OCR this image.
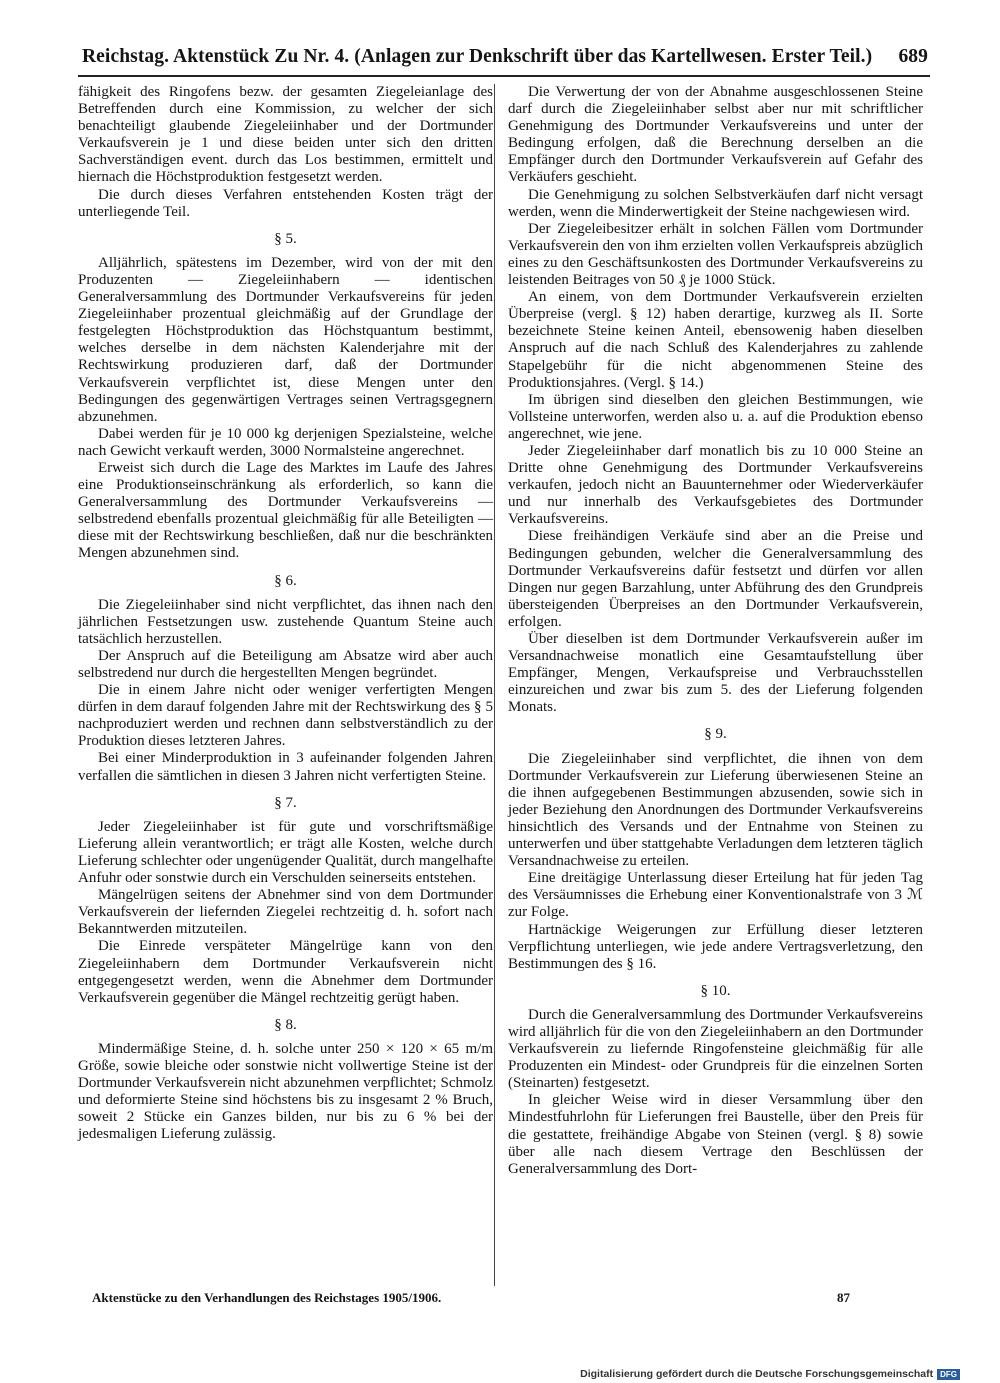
Reichstag. Aktenstück Zu Nr. 4. (Anlagen zur Denkschrift über das Kartellwesen. Erster Teil.) 689

fähigkeit des Ringofens bezw. der gesamten Ziegeleianlage des Betreffenden durch eine Kommission, zu welcher der sich benachteiligt glaubende Ziegeleiinhaber und der Dortmunder Verkaufsverein je 1 und diese beiden unter sich den dritten Sachverständigen event. durch das Los bestimmen, ermittelt und hiernach die Höchstproduktion festgesetzt werden.

Die durch dieses Verfahren entstehenden Kosten trägt der unterliegende Teil.

§ 5.

Alljährlich, spätestens im Dezember, wird von der mit den Produzenten — Ziegeleiinhabern — identischen Generalversammlung des Dortmunder Verkaufsvereins für jeden Ziegeleiinhaber prozentual gleichmäßig auf der Grundlage der festgelegten Höchstproduktion das Höchstquantum bestimmt, welches derselbe in dem nächsten Kalenderjahre mit der Rechtswirkung produzieren darf, daß der Dortmunder Verkaufsverein verpflichtet ist, diese Mengen unter den Bedingungen des gegenwärtigen Vertrages seinen Vertragsgegnern abzunehmen.

Dabei werden für je 10 000 kg derjenigen Spezialsteine, welche nach Gewicht verkauft werden, 3000 Normalsteine angerechnet.

Erweist sich durch die Lage des Marktes im Laufe des Jahres eine Produktionseinschränkung als erforderlich, so kann die Generalversammlung des Dortmunder Verkaufsvereins — selbstredend ebenfalls prozentual gleichmäßig für alle Beteiligten — diese mit der Rechtswirkung beschließen, daß nur die beschränkten Mengen abzunehmen sind.

§ 6.

Die Ziegeleiinhaber sind nicht verpflichtet, das ihnen nach den jährlichen Festsetzungen usw. zustehende Quantum Steine auch tatsächlich herzustellen.

Der Anspruch auf die Beteiligung am Absatze wird aber auch selbstredend nur durch die hergestellten Mengen begründet.

Die in einem Jahre nicht oder weniger verfertigten Mengen dürfen in dem darauf folgenden Jahre mit der Rechtswirkung des § 5 nachproduziert werden und rechnen dann selbstverständlich zu der Produktion dieses letzteren Jahres.

Bei einer Minderproduktion in 3 aufeinander folgenden Jahren verfallen die sämtlichen in diesen 3 Jahren nicht verfertigten Steine.

§ 7.

Jeder Ziegeleiinhaber ist für gute und vorschriftsmäßige Lieferung allein verantwortlich; er trägt alle Kosten, welche durch Lieferung schlechter oder ungenügender Qualität, durch mangelhafte Anfuhr oder sonstwie durch ein Verschulden seinerseits entstehen.

Mängelrügen seitens der Abnehmer sind von dem Dortmunder Verkaufsverein der liefernden Ziegelei rechtzeitig d. h. sofort nach Bekanntwerden mitzuteilen.

Die Einrede verspäteter Mängelrüge kann von den Ziegeleiinhabern dem Dortmunder Verkaufsverein nicht entgegengesetzt werden, wenn die Abnehmer dem Dortmunder Verkaufsverein gegenüber die Mängel rechtzeitig gerügt haben.

§ 8.

Mindermäßige Steine, d. h. solche unter 250 × 120 × 65 m/m Größe, sowie bleiche oder sonstwie nicht vollwertige Steine ist der Dortmunder Verkaufsverein nicht abzunehmen verpflichtet; Schmolz und deformierte Steine sind höchstens bis zu insgesamt 2 % Bruch, soweit 2 Stücke ein Ganzes bilden, nur bis zu 6 % bei der jedesmaligen Lieferung zulässig.

Die Verwertung der von der Abnahme ausgeschlossenen Steine darf durch die Ziegeleiinhaber selbst aber nur mit schriftlicher Genehmigung des Dortmunder Verkaufsvereins und unter der Bedingung erfolgen, daß die Berechnung derselben an die Empfänger durch den Dortmunder Verkaufsverein auf Gefahr des Verkäufers geschieht.

Die Genehmigung zu solchen Selbstverkäufen darf nicht versagt werden, wenn die Minderwertigkeit der Steine nachgewiesen wird.

Der Ziegeleibesitzer erhält in solchen Fällen vom Dortmunder Verkaufsverein den von ihm erzielten vollen Verkaufspreis abzüglich eines zu den Geschäftsunkosten des Dortmunder Verkaufsvereins zu leistenden Beitrages von 50 ₰ je 1000 Stück.

An einem, von dem Dortmunder Verkaufsverein erzielten Überpreise (vergl. § 12) haben derartige, kurzweg als II. Sorte bezeichnete Steine keinen Anteil, ebensowenig haben dieselben Anspruch auf die nach Schluß des Kalenderjahres zu zahlende Stapelgebühr für die nicht abgenommenen Steine des Produktionsjahres. (Vergl. § 14.)

Im übrigen sind dieselben den gleichen Bestimmungen, wie Vollsteine unterworfen, werden also u. a. auf die Produktion ebenso angerechnet, wie jene.

Jeder Ziegeleiinhaber darf monatlich bis zu 10 000 Steine an Dritte ohne Genehmigung des Dortmunder Verkaufsvereins verkaufen, jedoch nicht an Bauunternehmer oder Wiederverkäufer und nur innerhalb des Verkaufsgebietes des Dortmunder Verkaufsvereins.

Diese freihändigen Verkäufe sind aber an die Preise und Bedingungen gebunden, welcher die Generalversammlung des Dortmunder Verkaufsvereins dafür festsetzt und dürfen vor allen Dingen nur gegen Barzahlung, unter Abführung des den Grundpreis übersteigenden Überpreises an den Dortmunder Verkaufsverein, erfolgen.

Über dieselben ist dem Dortmunder Verkaufsverein außer im Versandnachweise monatlich eine Gesamtaufstellung über Empfänger, Mengen, Verkaufspreise und Verbrauchsstellen einzureichen und zwar bis zum 5. des der Lieferung folgenden Monats.

§ 9.

Die Ziegeleiinhaber sind verpflichtet, die ihnen von dem Dortmunder Verkaufsverein zur Lieferung überwiesenen Steine an die ihnen aufgegebenen Bestimmungen abzusenden, sowie sich in jeder Beziehung den Anordnungen des Dortmunder Verkaufsvereins hinsichtlich des Versands und der Entnahme von Steinen zu unterwerfen und über stattgehabte Verladungen dem letzteren täglich Versandnachweise zu erteilen.

Eine dreitägige Unterlassung dieser Erteilung hat für jeden Tag des Versäumnisses die Erhebung einer Konventionalstrafe von 3 ℳ zur Folge.

Hartnäckige Weigerungen zur Erfüllung dieser letzteren Verpflichtung unterliegen, wie jede andere Vertragsverletzung, den Bestimmungen des § 16.

§ 10.

Durch die Generalversammlung des Dortmunder Verkaufsvereins wird alljährlich für die von den Ziegeleiinhabern an den Dortmunder Verkaufsverein zu liefernde Ringofensteine gleichmäßig für alle Produzenten ein Mindest- oder Grundpreis für die einzelnen Sorten (Steinarten) festgesetzt.

In gleicher Weise wird in dieser Versammlung über den Mindestfuhrlohn für Lieferungen frei Baustelle, über den Preis für die gestattete, freihändige Abgabe von Steinen (vergl. § 8) sowie über alle nach diesem Vertrage den Beschlüssen der Generalversammlung des Dort-

Aktenstücke zu den Verhandlungen des Reichstages 1905/1906.	87
Digitalisierung gefördert durch die Deutsche Forschungsgemeinschaft DFG
